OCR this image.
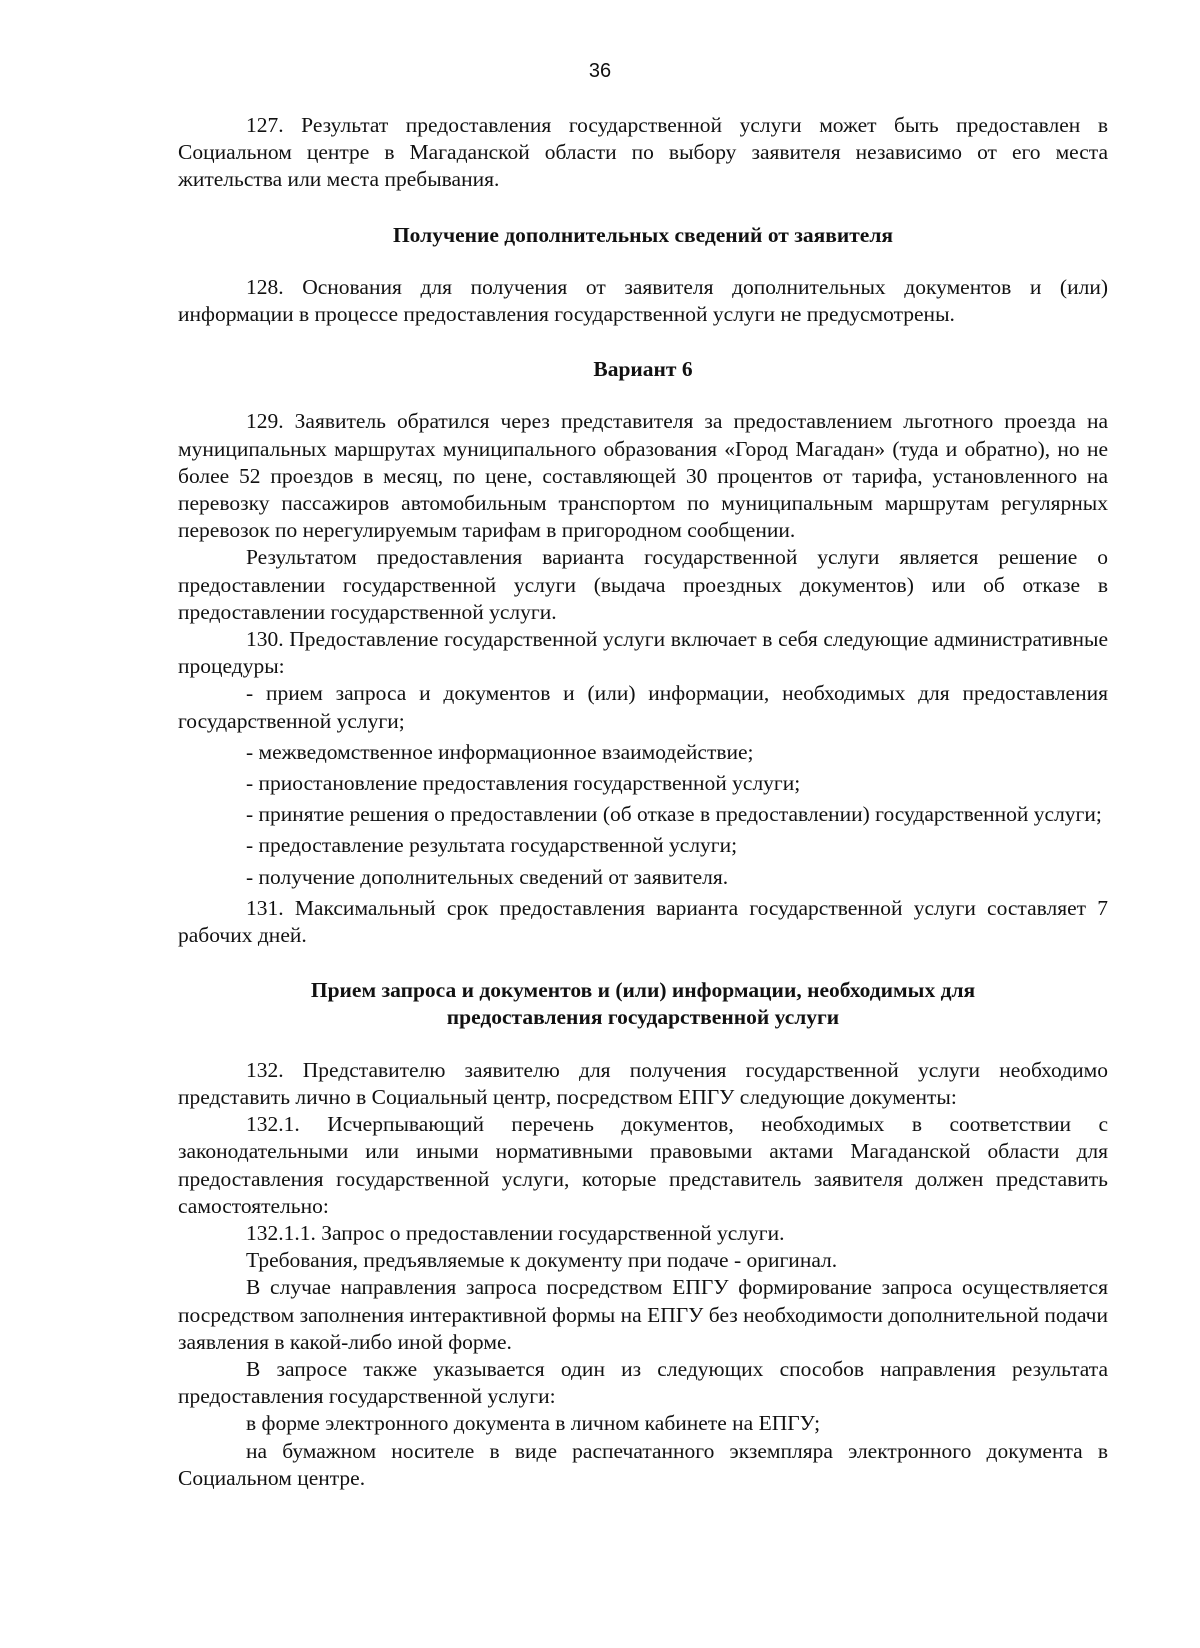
36

127. Результат предоставления государственной услуги может быть предоставлен в Социальном центре в Магаданской области по выбору заявителя независимо от его места жительства или места пребывания.

Получение дополнительных сведений от заявителя

128. Основания для получения от заявителя дополнительных документов и (или) информации в процессе предоставления государственной услуги не предусмотрены.

Вариант 6

129. Заявитель обратился через представителя за предоставлением льготного проезда на муниципальных маршрутах муниципального образования «Город Магадан» (туда и обратно), но не более 52 проездов в месяц, по цене, составляющей 30 процентов от тарифа, установленного на перевозку пассажиров автомобильным транспортом по муниципальным маршрутам регулярных перевозок по нерегулируемым тарифам в пригородном сообщении.

Результатом предоставления варианта государственной услуги является решение о предоставлении государственной услуги (выдача проездных документов) или об отказе в предоставлении государственной услуги.

130. Предоставление государственной услуги включает в себя следующие административные процедуры:

- прием запроса и документов и (или) информации, необходимых для предоставления государственной услуги;

- межведомственное информационное взаимодействие;

- приостановление предоставления государственной услуги;

- принятие решения о предоставлении (об отказе в предоставлении) государственной услуги;

- предоставление результата государственной услуги;

- получение дополнительных сведений от заявителя.

131. Максимальный срок предоставления варианта государственной услуги составляет 7 рабочих дней.

Прием запроса и документов и (или) информации, необходимых для
предоставления государственной услуги

132. Представителю заявителю для получения государственной услуги необходимо представить лично в Социальный центр, посредством ЕПГУ следующие документы:

132.1. Исчерпывающий перечень документов, необходимых в соответствии с законодательными или иными нормативными правовыми актами Магаданской области для предоставления государственной услуги, которые представитель заявителя должен представить самостоятельно:

132.1.1. Запрос о предоставлении государственной услуги.

Требования, предъявляемые к документу при подаче - оригинал.

В случае направления запроса посредством ЕПГУ формирование запроса осуществляется посредством заполнения интерактивной формы на ЕПГУ без необходимости дополнительной подачи заявления в какой-либо иной форме.

В запросе также указывается один из следующих способов направления результата предоставления государственной услуги:

в форме электронного документа в личном кабинете на ЕПГУ;

на бумажном носителе в виде распечатанного экземпляра электронного документа в Социальном центре.
